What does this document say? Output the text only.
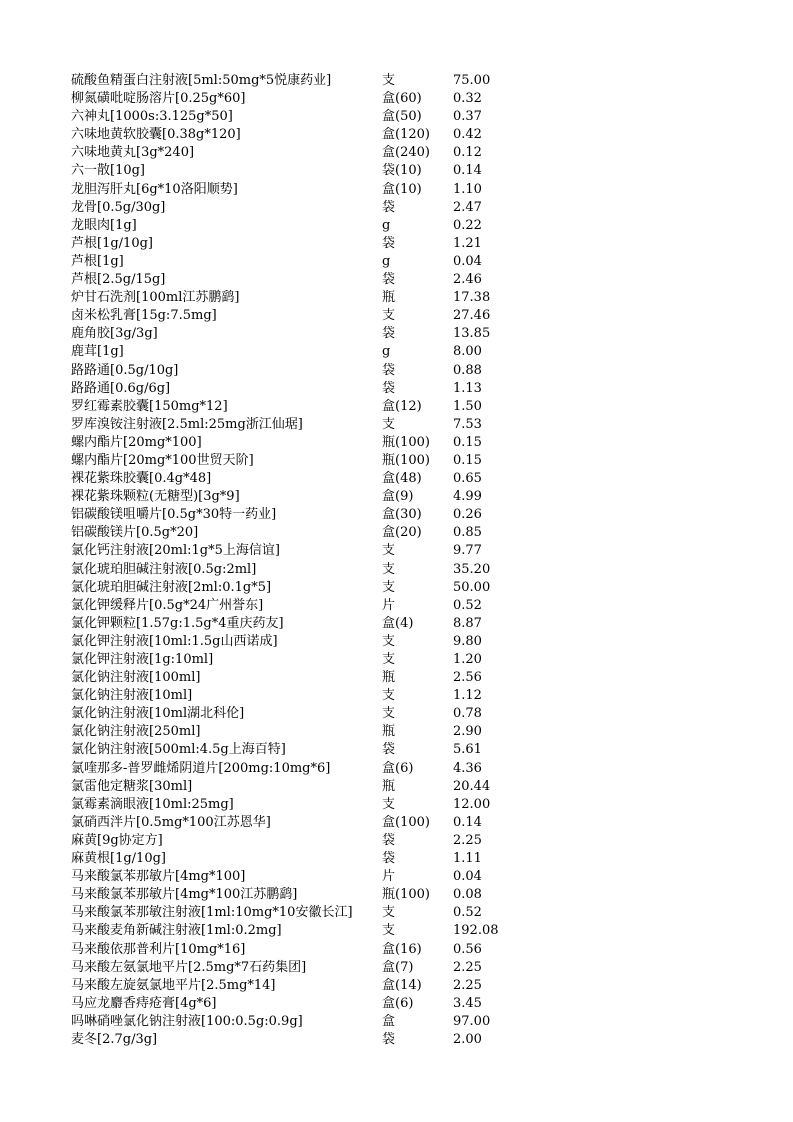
硫酸鱼精蛋白注射液[5ml:50mg*5悦康药业]	支	75.00
柳氮磺吡啶肠溶片[0.25g*60]	盒(60)	0.32
六神丸[1000s:3.125g*50]	盒(50)	0.37
六味地黄软胶囊[0.38g*120]	盒(120)	0.42
六味地黄丸[3g*240]	盒(240)	0.12
六一散[10g]	袋(10)	0.14
龙胆泻肝丸[6g*10洛阳顺势]	盒(10)	1.10
龙骨[0.5g/30g]	袋	2.47
龙眼肉[1g]	g	0.22
芦根[1g/10g]	袋	1.21
芦根[1g]	g	0.04
芦根[2.5g/15g]	袋	2.46
炉甘石洗剂[100ml江苏鹏鹞]	瓶	17.38
卤米松乳膏[15g:7.5mg]	支	27.46
鹿角胶[3g/3g]	袋	13.85
鹿茸[1g]	g	8.00
路路通[0.5g/10g]	袋	0.88
路路通[0.6g/6g]	袋	1.13
罗红霉素胶囊[150mg*12]	盒(12)	1.50
罗库溴铵注射液[2.5ml:25mg浙江仙琚]	支	7.53
螺内酯片[20mg*100]	瓶(100)	0.15
螺内酯片[20mg*100世贸天阶]	瓶(100)	0.15
裸花紫珠胶囊[0.4g*48]	盒(48)	0.65
裸花紫珠颗粒(无糖型)[3g*9]	盒(9)	4.99
铝碳酸镁咀嚼片[0.5g*30特一药业]	盒(30)	0.26
铝碳酸镁片[0.5g*20]	盒(20)	0.85
氯化钙注射液[20ml:1g*5上海信谊]	支	9.77
氯化琥珀胆碱注射液[0.5g:2ml]	支	35.20
氯化琥珀胆碱注射液[2ml:0.1g*5]	支	50.00
氯化钾缓释片[0.5g*24广州誉东]	片	0.52
氯化钾颗粒[1.57g:1.5g*4重庆药友]	盒(4)	8.87
氯化钾注射液[10ml:1.5g山西诺成]	支	9.80
氯化钾注射液[1g:10ml]	支	1.20
氯化钠注射液[100ml]	瓶	2.56
氯化钠注射液[10ml]	支	1.12
氯化钠注射液[10ml湖北科伦]	支	0.78
氯化钠注射液[250ml]	瓶	2.90
氯化钠注射液[500ml:4.5g上海百特]	袋	5.61
氯喹那多-普罗雌烯阴道片[200mg:10mg*6]	盒(6)	4.36
氯雷他定糖浆[30ml]	瓶	20.44
氯霉素滴眼液[10ml:25mg]	支	12.00
氯硝西泮片[0.5mg*100江苏恩华]	盒(100)	0.14
麻黄[9g协定方]	袋	2.25
麻黄根[1g/10g]	袋	1.11
马来酸氯苯那敏片[4mg*100]	片	0.04
马来酸氯苯那敏片[4mg*100江苏鹏鹞]	瓶(100)	0.08
马来酸氯苯那敏注射液[1ml:10mg*10安徽长江]	支	0.52
马来酸麦角新碱注射液[1ml:0.2mg]	支	192.08
马来酸依那普利片[10mg*16]	盒(16)	0.56
马来酸左氨氯地平片[2.5mg*7石药集团]	盒(7)	2.25
马来酸左旋氨氯地平片[2.5mg*14]	盒(14)	2.25
马应龙麝香痔疮膏[4g*6]	盒(6)	3.45
吗啉硝唑氯化钠注射液[100:0.5g:0.9g]	盒	97.00
麦冬[2.7g/3g]	袋	2.00
